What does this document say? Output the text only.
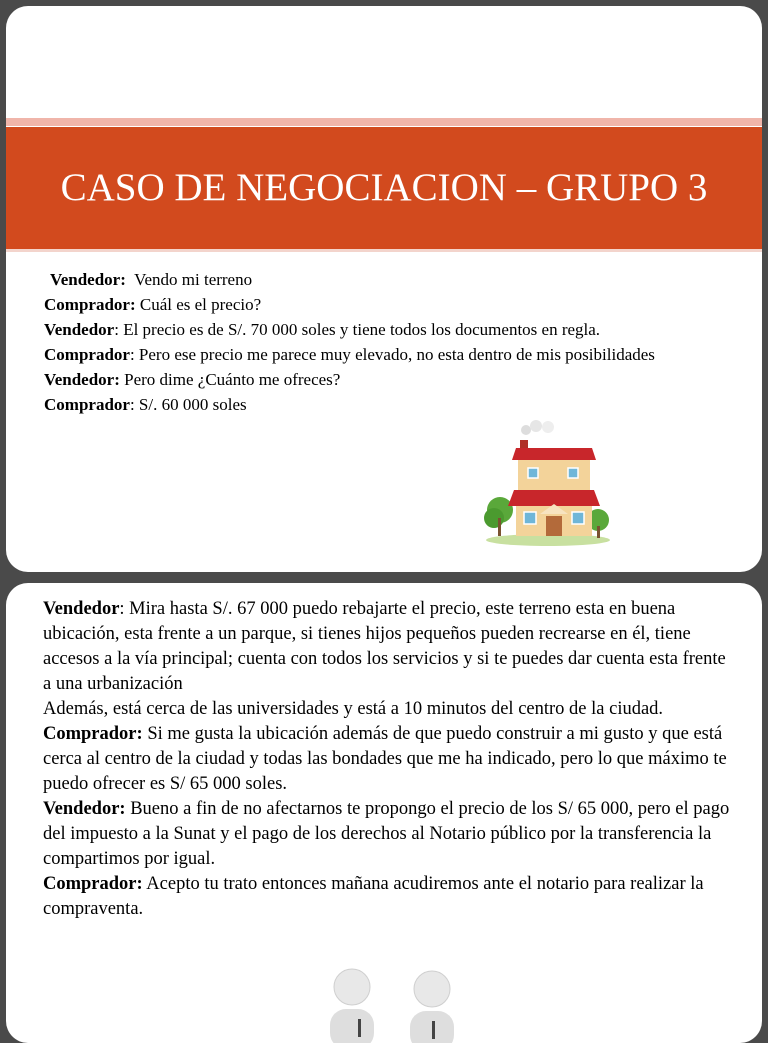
CASO DE NEGOCIACION – GRUPO 3

Vendedor:  Vendo mi terreno

Comprador: Cuál es el precio?

Vendedor: El precio es de S/. 70 000 soles y tiene todos los documentos en regla.

Comprador: Pero ese precio me parece muy elevado, no esta dentro de mis posibilidades

Vendedor: Pero dime ¿Cuánto me ofreces?

Comprador: S/. 60 000 soles

Vendedor: Mira hasta S/. 67 000 puedo rebajarte el precio, este terreno esta en buena ubicación, esta frente a un parque, si tienes hijos pequeños pueden recrearse en él, tiene accesos a la vía principal; cuenta con todos los servicios y si te puedes dar cuenta esta frente a una urbanización

Además, está cerca de las universidades y está a 10 minutos del centro de la ciudad.

Comprador: Si me gusta la ubicación además de que puedo construir a mi gusto y que está cerca al centro de la ciudad y todas las bondades que me ha indicado, pero lo que máximo te puedo ofrecer es S/ 65 000 soles.

Vendedor: Bueno a fin de no afectarnos te propongo el precio de los S/ 65 000, pero el pago del impuesto a la Sunat y el pago de los derechos al Notario público por la transferencia la compartimos por igual.

Comprador: Acepto tu trato entonces mañana acudiremos ante el notario para realizar la compraventa.
